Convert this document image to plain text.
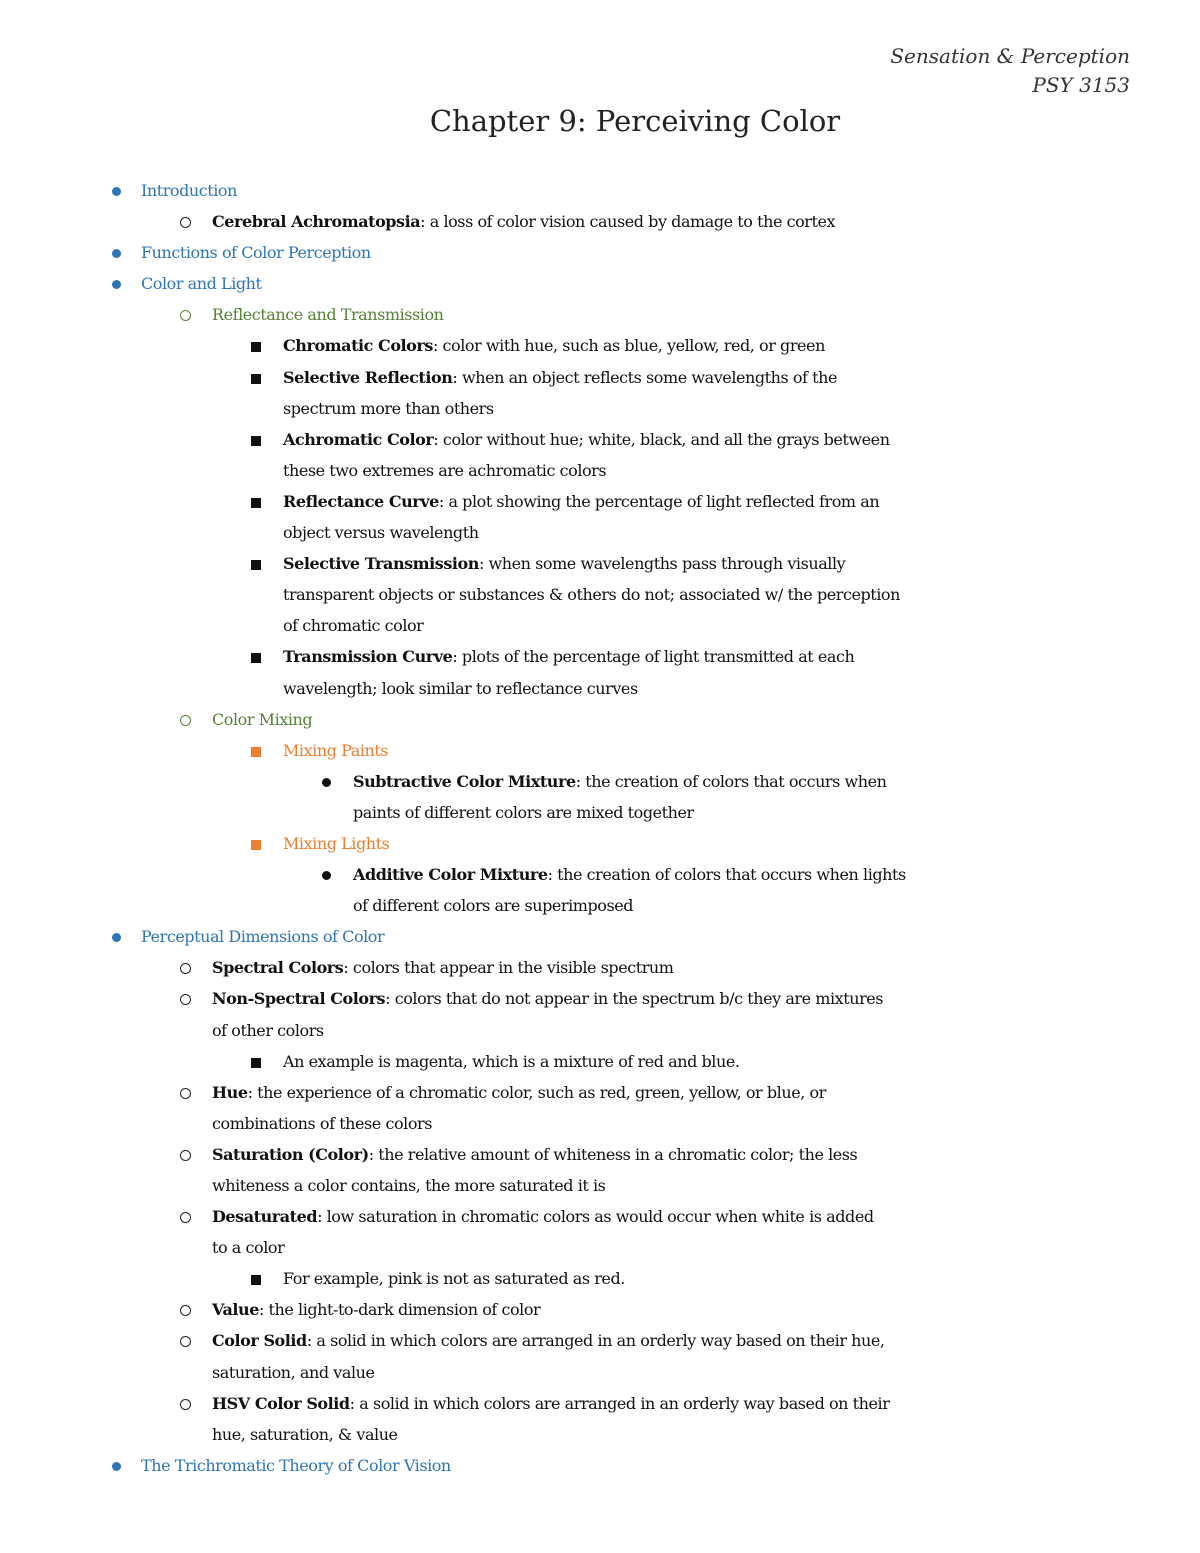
Sensation & Perception
PSY 3153
Chapter 9: Perceiving Color
Introduction
Cerebral Achromatopsia: a loss of color vision caused by damage to the cortex
Functions of Color Perception
Color and Light
Reflectance and Transmission
Chromatic Colors: color with hue, such as blue, yellow, red, or green
Selective Reflection: when an object reflects some wavelengths of the
spectrum more than others
Achromatic Color: color without hue; white, black, and all the grays between
these two extremes are achromatic colors
Reflectance Curve: a plot showing the percentage of light reflected from an
object versus wavelength
Selective Transmission: when some wavelengths pass through visually
transparent objects or substances & others do not; associated w/ the perception
of chromatic color
Transmission Curve: plots of the percentage of light transmitted at each
wavelength; look similar to reflectance curves
Color Mixing
Mixing Paints
Subtractive Color Mixture: the creation of colors that occurs when
paints of different colors are mixed together
Mixing Lights
Additive Color Mixture: the creation of colors that occurs when lights
of different colors are superimposed
Perceptual Dimensions of Color
Spectral Colors: colors that appear in the visible spectrum
Non-Spectral Colors: colors that do not appear in the spectrum b/c they are mixtures
of other colors
An example is magenta, which is a mixture of red and blue.
Hue: the experience of a chromatic color, such as red, green, yellow, or blue, or
combinations of these colors
Saturation (Color): the relative amount of whiteness in a chromatic color; the less
whiteness a color contains, the more saturated it is
Desaturated: low saturation in chromatic colors as would occur when white is added
to a color
For example, pink is not as saturated as red.
Value: the light-to-dark dimension of color
Color Solid: a solid in which colors are arranged in an orderly way based on their hue,
saturation, and value
HSV Color Solid: a solid in which colors are arranged in an orderly way based on their
hue, saturation, & value
The Trichromatic Theory of Color Vision
